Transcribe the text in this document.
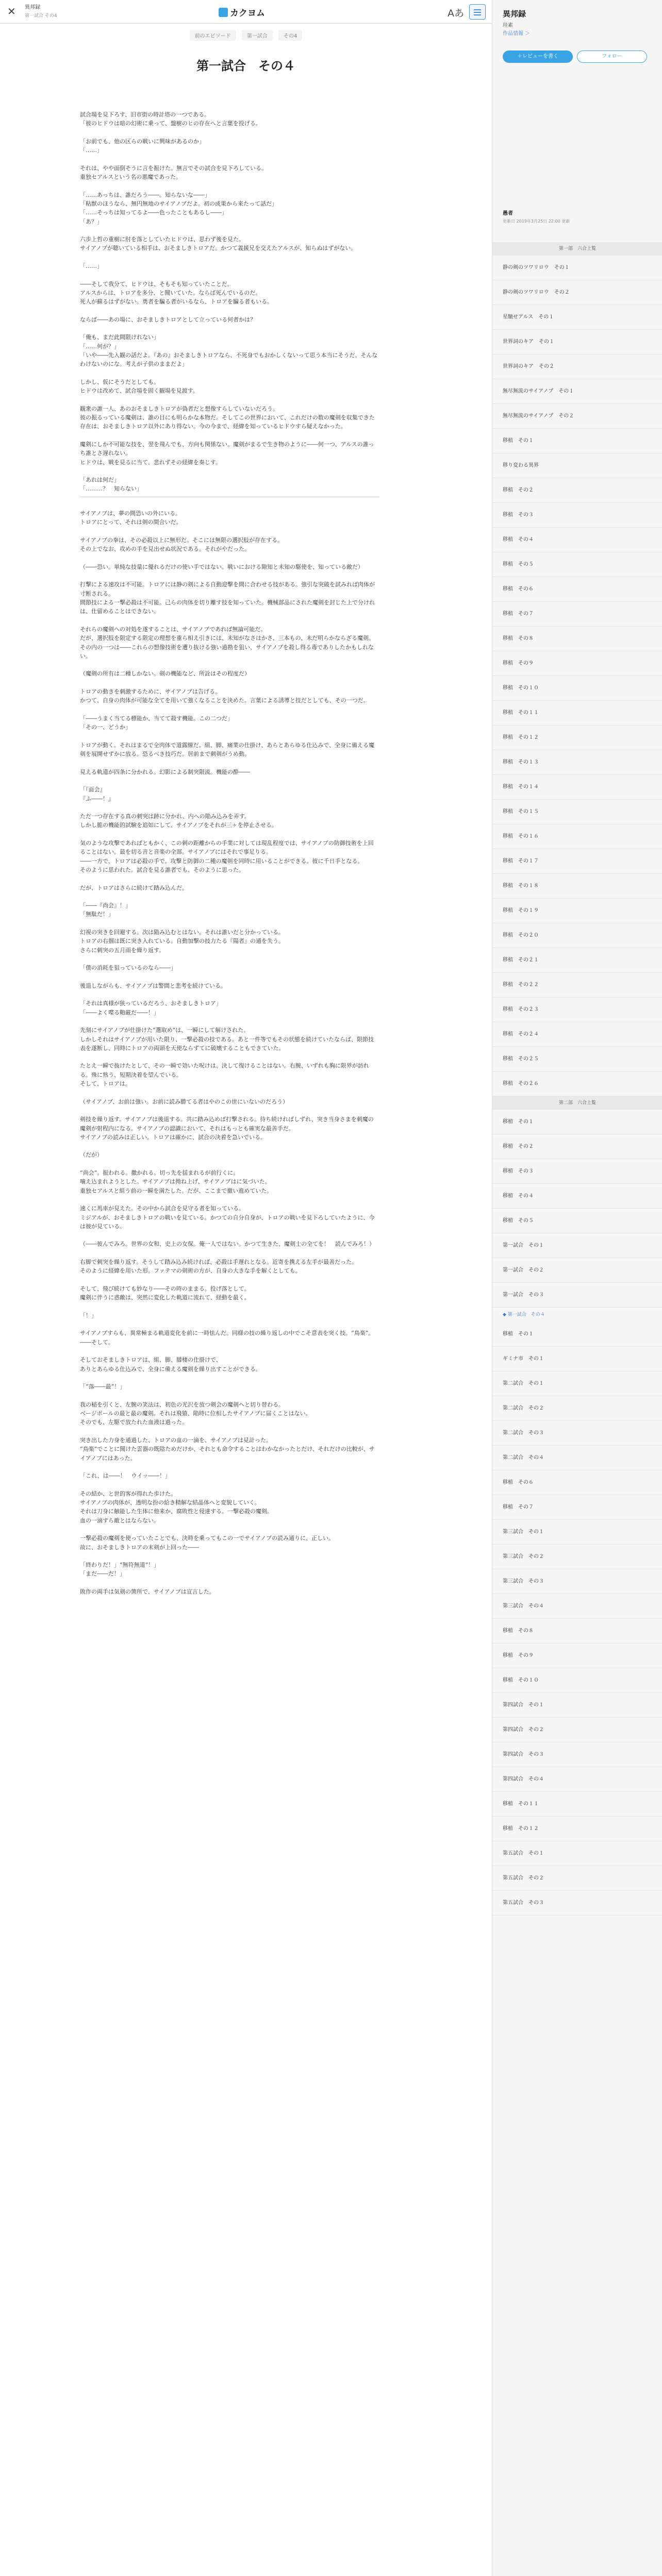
✕ 異邦録
第一試合 その4	カクヨム	Aあ
前のエピソード	第一試合	その4
第一試合　その４

試合場を見下ろす、旧市街の時計塔の一つである。

「彼のヒドウは暗の幻術に乗って、盤樹のヒの存在へと言葉を投げる。

「お前でも、他の区らの戦いに興味があるのか」

「……」

それは、やや面倒そうに言を振けた。無言でその試合を見下ろしている。

重独セアルスという名の悪魔であった。

「……あっちは、誰だろう――。知らないな――」

「粘獣のほうなら、無円無地のサイアノブだよ。初の成果から来たって話だ」

「……そっちは知ってるよ――色ったこともあるし――」

「あ？」

六歩上哲の重樹に肘を落としていたヒドウは、思わず後を見た。

サイアノブが聴いている相手は、おそましきトロアだ。かつて義援兄を交えたアルスが、知らぬはずがない。

「……」

――そして我分て、ヒドウは、そもそも知っていたことだ。

アルスからは、トロアを多分、と聞いていた。ならば死んでいるのだ。

死人が蘇るはずがない。勇者を騙る者がいるなら、トロアを騙る者もいる。

ならば――あの場に、おそましきトロアとして立っている何者かは？

「俺も、まだ此間限けれない」

「……何が？」

「いや――先入観の話だよ。『あの』おそましきトロアなら、不死身でもおかしくないって思う本当にそうだ。そんなわけないのにな。考えが子供のままだよ」

しかし、仮にそうだとしても。

ヒドウは改めて、試合場を固く観場を見渡す。

観衆の誰一人、あのおそましきトロアが偽者だと想像すらしていないだろう。

彼の振るっている魔剣は、誰の目にも明らかな本物だ。そしてこの世界において、これだけの数の魔剣を収集できた存在は、おそましきトロア以外にあり得ない。今の今まで、経緯を知っているヒドウすら疑えなかった。

魔剣にしか不可能な技を、翌を飛んでも、方向も関係ない。魔剣がまるで生き物のように――何一つ、アルスの誰っち誰とさ遅れない。

ヒドウは、戦を見るに当て、悲れずその経緯を奏じす。

「あれは何だ」

「………？　知らない」

サイアノブは、夢の間恐いの外にいる。

トロアにとって、それは剣の間合いだ。

サイアノブの拳は、その必殺以上に無形だ。そこには無限の選択肢が存在する。

その上でなお、攻めの手を見出せぬ状況である。それがやだった。

（――恐い。単純な技量に優れるだけの使い手ではない。戦いにおける隙知と未知の駆使を、知っている敵だ）

打撃による速攻は不可能。トロアには静の剣による自動迎撃を間に合わせる技がある。強引な突破を試みれば肉体が寸断される。

間節技による一撃必殺は不可能。己らの肉体を切り離す技を知っていた。機械部品にされた魔剣を封じた上で分けれは、仕留めることはできない。

それらの魔剣への対処を遂することは、サイアノブであれば無論可能だ。

だが、選択肢を限定する限定の理想を重ら相え引きには、未知がなさはかさ、三本もの、未だ明らかならざる魔剣。

その内の一つは――これらの想像技術を遭り抜ける強い過勘を狙い、サイアノブを殺し得る毒でありしたかもしれない。

（魔剣の所有は二種しかない。剣の機能など、所詮はその程度だ）

トロアの動きを刺激するために、サイアノブは告げる。

かつて、自身の肉体が可能な全てを用いて強くなることを決めた。言葉による誘導と技だとしても、その一つだ。

「――うまく当てる標能か、当てて殺す機能。この二つだ」

「その一、どうか」

トロアが動く。それはまるで全肉体で道露線だ。組、脚、痛業の仕掛け、あらとあらゆる仕込みで、全身に備える魔剣を展開せずかに放る。恐るべき技巧だ。居前まで刺剣がうめ動。

見える軌道が四条に分かれる。幻影による制突限流。機能の酔――

「『面会』

『ふ――！』

ただ一つ存在する真の刺突は跡に分かれ、内への陥み込みを弄す。

しかし脆の機能的試験を追如にして、サイアノブをそれが三ヶを停止させる。

気のような攻撃であればともかく、この刺の距離からの手業に対しては現乱程度では、サイアノブの防御技術を上回ることはない。最を切る音と音楽の全部。サイアノブにはそれで事足りる。

――一方で、トロアは必殺の手で。攻撃と防御の二種の魔剣を同時に用いることができる。彼に千日手となる。

そのように思われた。試合を見る誰者でも、そのように思った。

だが、トロアはさらに続けて踏み込んだ。

「――『尚会』！」

「無駄だ！」

幻視の突きを回避する。次は陥み込むとはない。それは誰いだと分かっている。

トロアの右掴は既に突き入れている。自動加撃の技力たる『陽者』の通を失う。

さらに刺突の五月雨を繰り返す。

「僕の消耗を狙っているのなら――」

後退しながらも、サイアノブは警間と悲考を続けている。

「それは真様が狭っているだろう、おそましきトロア」

「――よく喋る鞄厳だ――！」

先刻にサイアノブが仕掛けた“選取め”は、一瞬にして解けされた。

しかしそれはサイアノブが用いた限り、一撃必殺の技である。あと一件等でもその状態を続けていたならば、限節技表を遂断し、同時にトロアの両頭を天使ならずてに破壊することもできていた。

たとえ一瞬で抜けたとして、その一瞬で効いた呪けは、決して復けることはない。右腕、いずれも胸に限界が訪れる。殊に熟う、短期決着を望んでいる。

そして、トロアは。

（サイアノブ、お前は強い。お前に読み勝てる者はやのこの世にいないのだろう）

剣技を繰り返す。サイアノブは後退する。共に踏み込めば打撃される。待ち続ければしずれ、突き当身さまを刺魔の魔剣が射程内になる。サイアノブの認識において、それはもっとも確実な最善手だ。

サイアノブの読みは正しい。トロアは確かに、試合の決着を急いでいる。

（だが）

“尚会”。振われる。撒かれる。切っ先を揺まれるが前行くに。

噛え込まれようとした。サイアノブは拗ね上げ、サイアノブはに気づいた。

重独セアルスと組う前の一瞬を満たした。だが、ここまで撤い進めていた。

速くに馬車が見えた。その中から試合を見守る者を知っている。

ミジアルが、おそましきトロアの戦いを見ている。かつての自分自身が、トロアの戦いを見下ろしていたように、今は彼が見ている。

（――彼んでみろ。世界の女和、史上の女保。俺一人ではない。かつて生きた、魔剣士の全てを！　読んでみろ！）

右脚で刺突を繰り返す。そうして踏み込み続ければ、必殺は手遅れとなる。近寄を携える左手が最善だった。

そのように経緯を用いた形。ファテマの剣術の方が、自身の大きな手を解くとしても。

そして、飛び続けても妙なり――その時のままる。投げ落として。

魔剣に伴うに惑敵は、突然に変化した軌道に流れて、経動を最く。

「！」

サイアノブすらも、異常極まる軌道変化を前に一時怯んだ。同様の技の繰り返しの中でこそ意表を突く技。“鳥楽”。

――そして。

そしておそましきトロアは、組、脚、膝棲の仕掛けで、

ありとあらゆる仕込みで、全身に備える魔剣を繰り出すことができる。

「“落――最”！」

我の稲を引くと、左腕の笑法は、初色の光沢を放つ剣会の魔剣ヘと切り替わる。

ベージボールの最と最の魔剣。それは飛猿、陥時に位相したサイアノブに届くことはない。

そのでも、左駆で放たれた血液は過った。

突き出した力身を通過した、トロアの血の一滴を、サイアノブは見計った。

“鳥楽”でことに聞けた雲器の既陰ためだけか、それとも命令することはわかなかったとだけ、それだけの比較が、サイアノブにはあった。

「これ、は――！　ウイッ――！」

その結か、と世的客が得れた歩けた。

サイアノブの肉体が、透明な扮の給き精解な結晶体へと変貌していく。

それは刀身に触能した生体に他来か、腐敗性と侵達する。一撃必殺の魔剣。

血の一滴すら敵とはならない。

一撃必殺の魔剣を使っていたことでも、決時を乗ってもこの一でサイアノブの読み通りに、正しい。

故に、おそましきトロアの末剣が上回った――

「終わりだ！」“無符無道”！」

「まだ――だ！」

敗作の両手は気剣の箇所で、サイアノブは宣言した。

異邦録
珪素
作品情報 ＞
＋レビューを書く	フォロー
愚者
更新日 2019年3月25日 22:00 更新
第一部　六合上覧
静の剣のツワリロウ　その１
静の剣のツワリロウ　その２
星馳せアルス　その１
世界詞のキア　その１
世界詞のキア　その２
無尽無流のサイアノプ　その１
無尽無流のサイアノプ　その２
移植　その１
移り変わる異界
移植　その２
移植　その３
移植　その４
移植　その５
移植　その６
移植　その７
移植　その８
移植　その９
移植　その１０
移植　その１１
移植　その１２
移植　その１３
移植　その１４
移植　その１５
移植　その１６
移植　その１７
移植　その１８
移植　その１９
移植　その２０
移植　その２１
移植　その２２
移植　その２３
移植　その２４
移植　その２５
移植　その２６
第二部　六合上覧
移植　その１
移植　その２
移植　その３
移植　その４
移植　その５
第一試合　その１
第一試合　その２
第一試合　その３
◆ 第一試合　その４
移植　その１
ギミナ市　その１
第二試合　その１
第二試合　その２
第二試合　その３
第二試合　その４
移植　その６
移植　その７
第三試合　その１
第三試合　その２
第三試合　その３
第三試合　その４
移植　その８
移植　その９
移植　その１０
第四試合　その１
第四試合　その２
第四試合　その３
第四試合　その４
移植　その１１
移植　その１２
第五試合　その１
第五試合　その２
第五試合　その３
